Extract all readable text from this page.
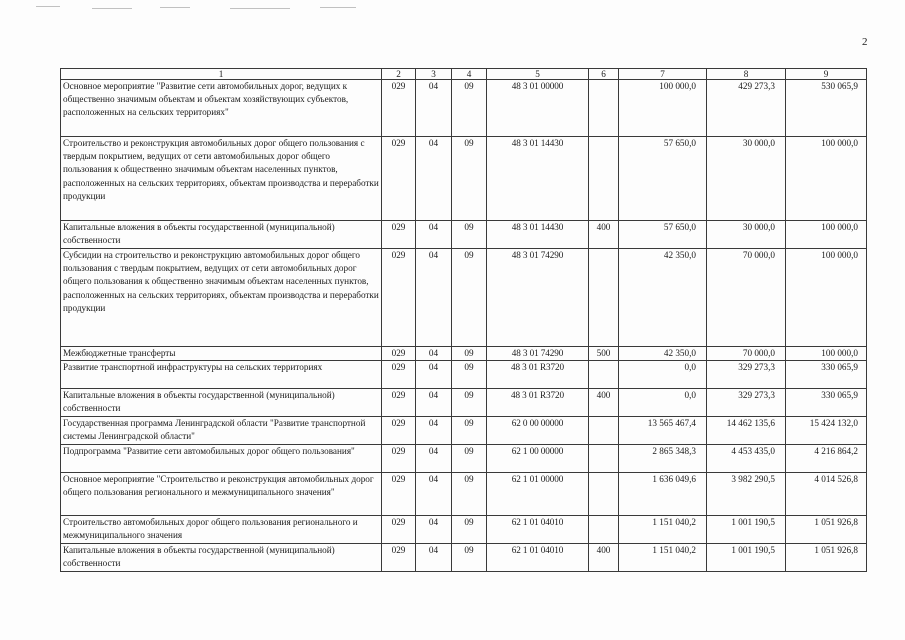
2
1	2	3	4	5	6	7	8	9
Основное мероприятие "Развитие сети автомобильных дорог, ведущих к общественно значимым объектам и объектам хозяйствующих субъектов, расположенных на сельских территориях"	029	04	09	48 3 01 00000		100 000,0	429 273,3	530 065,9
Строительство и реконструкция автомобильных дорог общего пользования с твердым покрытием, ведущих от сети автомобильных дорог общего пользования к общественно значимым объектам населенных пунктов, расположенных на сельских территориях, объектам производства и переработки продукции	029	04	09	48 3 01 14430		57 650,0	30 000,0	100 000,0
Капитальные вложения в объекты государственной (муниципальной) собственности	029	04	09	48 3 01 14430	400	57 650,0	30 000,0	100 000,0
Субсидии на строительство и реконструкцию автомобильных дорог общего пользования с твердым покрытием, ведущих от сети автомобильных дорог общего пользования к общественно значимым объектам населенных пунктов, расположенных на сельских территориях, объектам производства и переработки продукции	029	04	09	48 3 01 74290		42 350,0	70 000,0	100 000,0
Межбюджетные трансферты	029	04	09	48 3 01 74290	500	42 350,0	70 000,0	100 000,0
Развитие транспортной инфраструктуры на сельских территориях	029	04	09	48 3 01 R3720		0,0	329 273,3	330 065,9
Капитальные вложения в объекты государственной (муниципальной) собственности	029	04	09	48 3 01 R3720	400	0,0	329 273,3	330 065,9
Государственная программа Ленинградской области "Развитие транспортной системы Ленинградской области"	029	04	09	62 0 00 00000		13 565 467,4	14 462 135,6	15 424 132,0
Подпрограмма "Развитие сети автомобильных дорог общего пользования"	029	04	09	62 1 00 00000		2 865 348,3	4 453 435,0	4 216 864,2
Основное мероприятие "Строительство и реконструкция автомобильных дорог общего пользования регионального и межмуниципального значения"	029	04	09	62 1 01 00000		1 636 049,6	3 982 290,5	4 014 526,8
Строительство автомобильных дорог общего пользования регионального и межмуниципального значения	029	04	09	62 1 01 04010		1 151 040,2	1 001 190,5	1 051 926,8
Капитальные вложения в объекты государственной (муниципальной) собственности	029	04	09	62 1 01 04010	400	1 151 040,2	1 001 190,5	1 051 926,8
